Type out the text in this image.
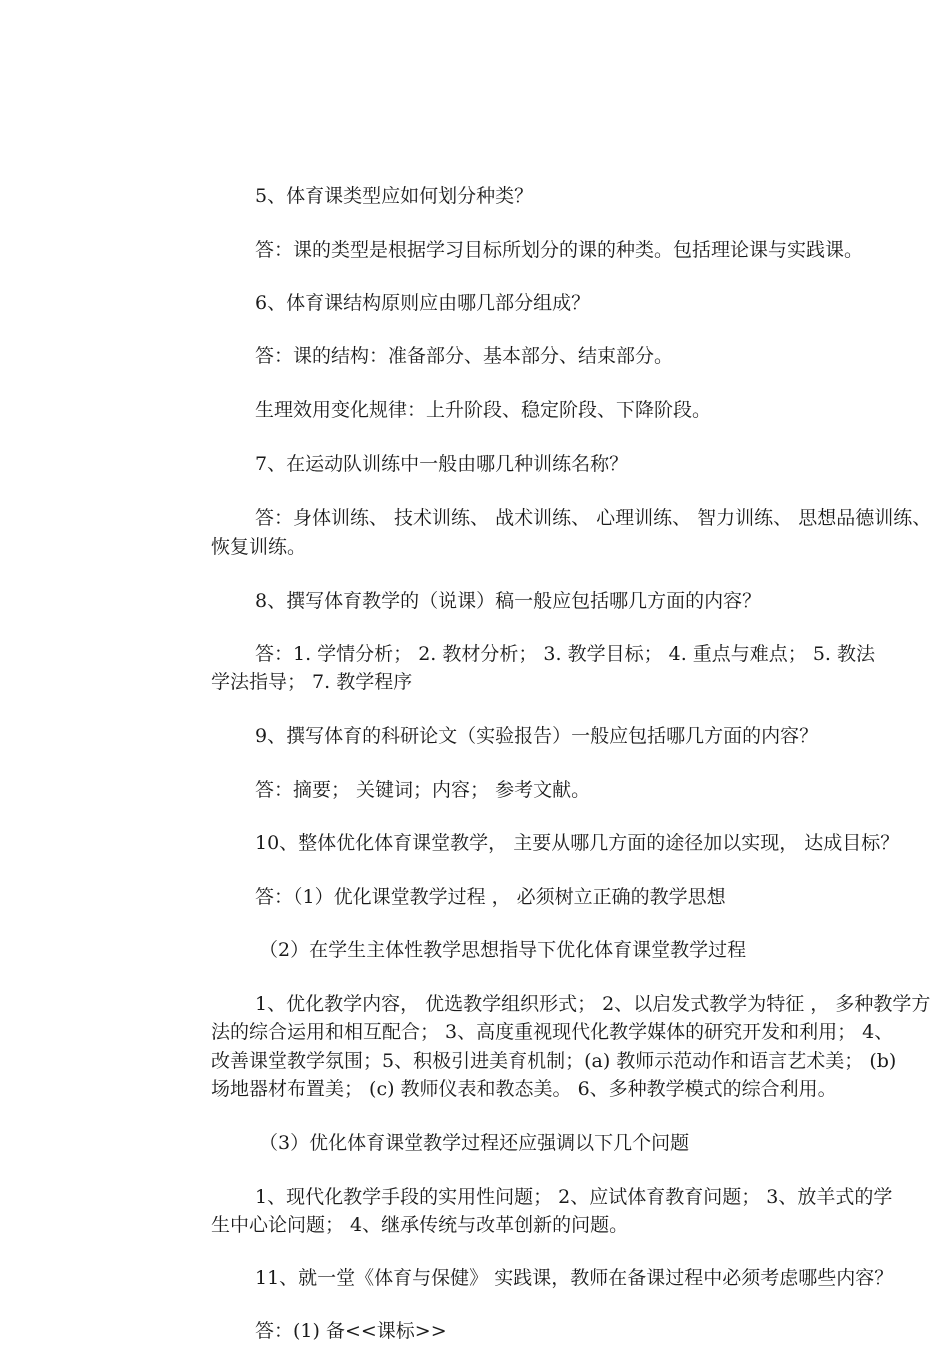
5、体育课类型应如何划分种类？
答：课的类型是根据学习目标所划分的课的种类。包括理论课与实践课。
6、体育课结构原则应由哪几部分组成？
答：课的结构：准备部分、基本部分、结束部分。
生理效用变化规律：上升阶段、稳定阶段、下降阶段。
7、在运动队训练中一般由哪几种训练名称？
答：身体训练、 技术训练、 战术训练、 心理训练、 智力训练、 思想品德训练、
恢复训练。
8、撰写体育教学的（说课）稿一般应包括哪几方面的内容？
答：1. 学情分析； 2. 教材分析； 3. 教学目标； 4. 重点与难点； 5. 教法
学法指导； 7. 教学程序
9、撰写体育的科研论文（实验报告）一般应包括哪几方面的内容？
答：摘要； 关键词；内容； 参考文献。
10、整体优化体育课堂教学， 主要从哪几方面的途径加以实现， 达成目标？
答：（1）优化课堂教学过程 ， 必须树立正确的教学思想
（2）在学生主体性教学思想指导下优化体育课堂教学过程
1、优化教学内容， 优选教学组织形式； 2、以启发式教学为特征 ， 多种教学方
法的综合运用和相互配合； 3、高度重视现代化教学媒体的研究开发和利用； 4、
改善课堂教学氛围；5、积极引进美育机制；(a) 教师示范动作和语言艺术美； (b)
场地器材布置美； (c) 教师仪表和教态美。 6、多种教学模式的综合利用。
（3）优化体育课堂教学过程还应强调以下几个问题
1、现代化教学手段的实用性问题； 2、应试体育教育问题； 3、放羊式的学
生中心论问题； 4、继承传统与改革创新的问题。
11、就一堂《体育与保健》 实践课，教师在备课过程中必须考虑哪些内容？
答：(1) 备<<课标>>
